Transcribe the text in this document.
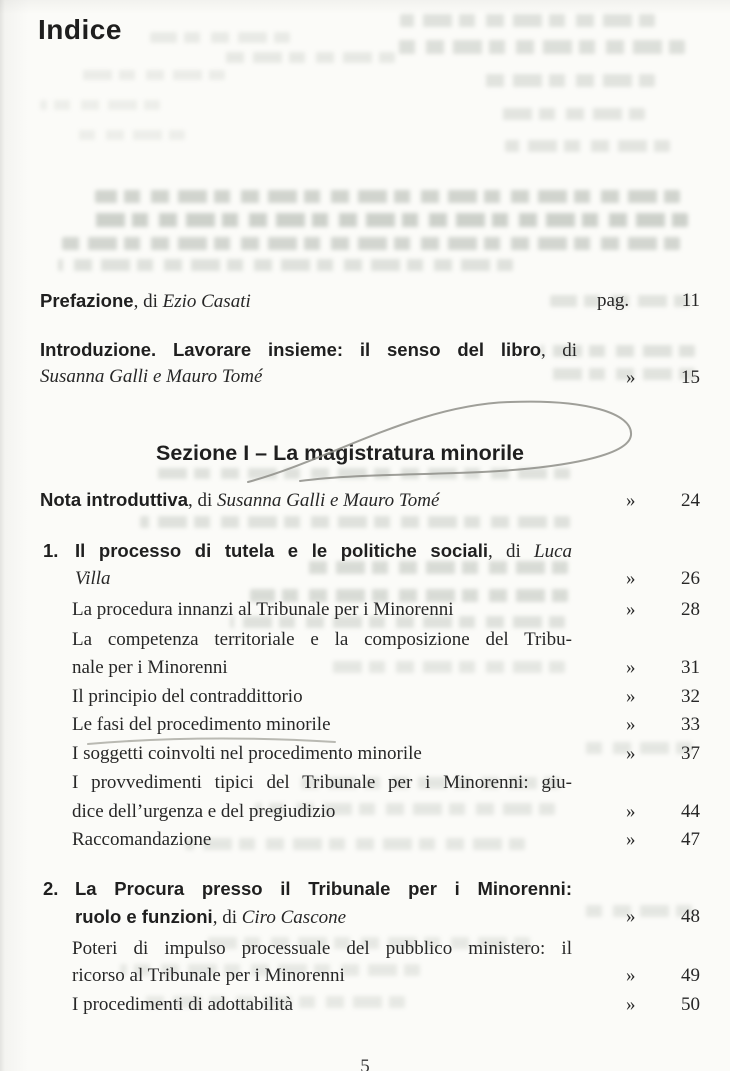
Indice
Prefazione, di Ezio Casati	pag.	11
Introduzione. Lavorare insieme: il senso del libro, di
Susanna Galli e Mauro Tomé	»	15
Sezione I – La magistratura minorile
Nota introduttiva, di Susanna Galli e Mauro Tomé	»	24
1. Il processo di tutela e le politiche sociali, di Luca
Villa	»	26
La procedura innanzi al Tribunale per i Minorenni	»	28
La competenza territoriale e la composizione del Tribu-
nale per i Minorenni	»	31
Il principio del contraddittorio	»	32
Le fasi del procedimento minorile	»	33
I soggetti coinvolti nel procedimento minorile	»	37
I provvedimenti tipici del Tribunale per i Minorenni: giu-
dice dell’urgenza e del pregiudizio	»	44
Raccomandazione	»	47
2. La Procura presso il Tribunale per i Minorenni:
ruolo e funzioni, di Ciro Cascone	»	48
Poteri di impulso processuale del pubblico ministero: il
ricorso al Tribunale per i Minorenni	»	49
I procedimenti di adottabilità	»	50
5
